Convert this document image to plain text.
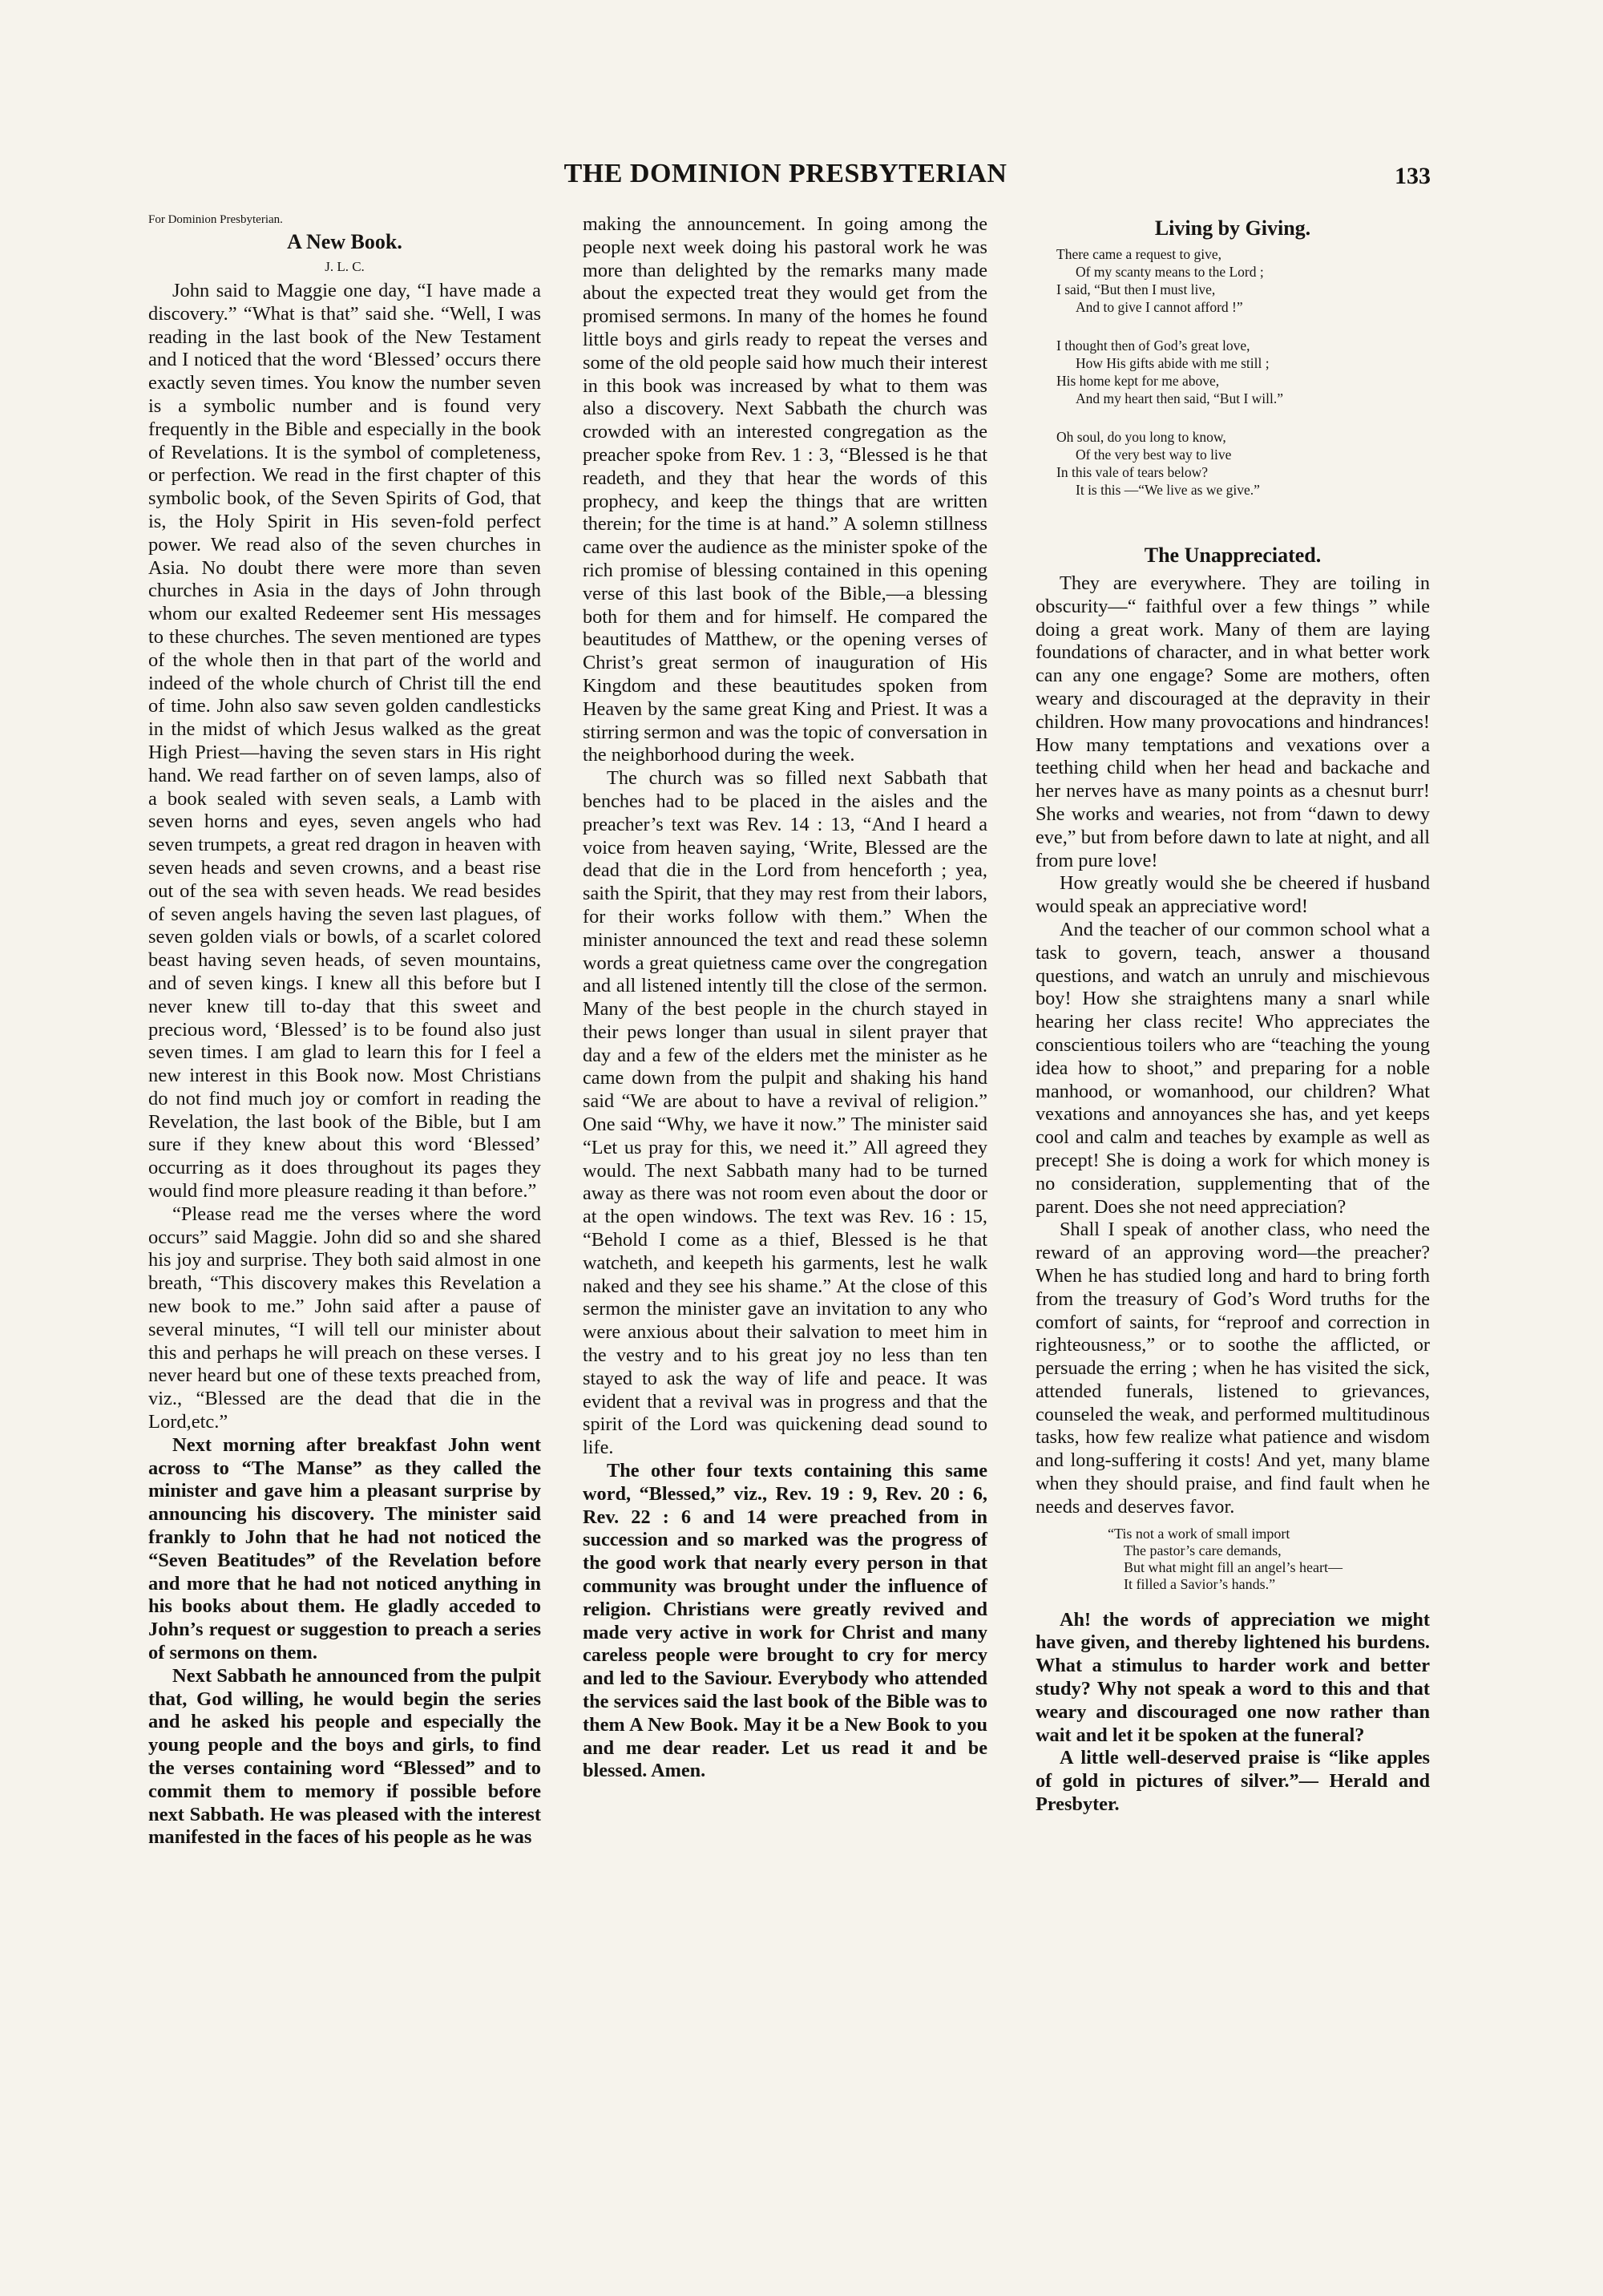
THE DOMINION PRESBYTERIAN	133
For Dominion Presbyterian.
A New Book.
J. L. C.

John said to Maggie one day, “I have made a discovery.” “What is that” said she. “Well, I was reading in the last book of the New Testament and I noticed that the word ‘Blessed’ occurs there exactly seven times. You know the number seven is a symbolic number and is found very frequently in the Bible and especially in the book of Revelations. It is the symbol of completeness, or perfection. We read in the first chapter of this symbolic book, of the Seven Spirits of God, that is, the Holy Spirit in His seven-fold perfect power. We read also of the seven churches in Asia. No doubt there were more than seven churches in Asia in the days of John through whom our exalted Redeemer sent His messages to these churches. The seven mentioned are types of the whole then in that part of the world and indeed of the whole church of Christ till the end of time. John also saw seven golden candlesticks in the midst of which Jesus walked as the great High Priest—having the seven stars in His right hand. We read farther on of seven lamps, also of a book sealed with seven seals, a Lamb with seven horns and eyes, seven angels who had seven trumpets, a great red dragon in heaven with seven heads and seven crowns, and a beast rise out of the sea with seven heads. We read besides of seven angels having the seven last plagues, of seven golden vials or bowls, of a scarlet colored beast having seven heads, of seven mountains, and of seven kings. I knew all this before but I never knew till to-day that this sweet and precious word, ‘Blessed’ is to be found also just seven times. I am glad to learn this for I feel a new interest in this Book now. Most Christians do not find much joy or comfort in reading the Revelation, the last book of the Bible, but I am sure if they knew about this word ‘Blessed’ occurring as it does throughout its pages they would find more pleasure reading it than before.”

“Please read me the verses where the word occurs” said Maggie. John did so and she shared his joy and surprise. They both said almost in one breath, “This discovery makes this Revelation a new book to me.” John said after a pause of several minutes, “I will tell our minister about this and perhaps he will preach on these verses. I never heard but one of these texts preached from, viz., “Blessed are the dead that die in the Lord,etc.”

Next morning after breakfast John went across to “The Manse” as they called the minister and gave him a pleasant surprise by announcing his discovery. The minister said frankly to John that he had not noticed the “Seven Beatitudes” of the Revelation before and more that he had not noticed anything in his books about them. He gladly acceded to John’s request or suggestion to preach a series of sermons on them.

Next Sabbath he announced from the pulpit that, God willing, he would begin the series and he asked his people and especially the young people and the boys and girls, to find the verses containing word “Blessed” and to commit them to memory if possible before next Sabbath. He was pleased with the interest manifested in the faces of his people as he was

making the announcement. In going among the people next week doing his pastoral work he was more than delighted by the remarks many made about the expected treat they would get from the promised sermons. In many of the homes he found little boys and girls ready to repeat the verses and some of the old people said how much their interest in this book was increased by what to them was also a discovery. Next Sabbath the church was crowded with an interested congregation as the preacher spoke from Rev. 1 : 3, “Blessed is he that readeth, and they that hear the words of this prophecy, and keep the things that are written therein; for the time is at hand.” A solemn stillness came over the audience as the minister spoke of the rich promise of blessing contained in this opening verse of this last book of the Bible,—a blessing both for them and for himself. He compared the beautitudes of Matthew, or the opening verses of Christ’s great sermon of inauguration of His Kingdom and these beautitudes spoken from Heaven by the same great King and Priest. It was a stirring sermon and was the topic of conversation in the neighborhood during the week.

The church was so filled next Sabbath that benches had to be placed in the aisles and the preacher’s text was Rev. 14 : 13, “And I heard a voice from heaven saying, ‘Write, Blessed are the dead that die in the Lord from henceforth ; yea, saith the Spirit, that they may rest from their labors, for their works follow with them.” When the minister announced the text and read these solemn words a great quietness came over the congregation and all listened intently till the close of the sermon. Many of the best people in the church stayed in their pews longer than usual in silent prayer that day and a few of the elders met the minister as he came down from the pulpit and shaking his hand said “We are about to have a revival of religion.” One said “Why, we have it now.” The minister said “Let us pray for this, we need it.” All agreed they would. The next Sabbath many had to be turned away as there was not room even about the door or at the open windows. The text was Rev. 16 : 15, “Behold I come as a thief, Blessed is he that watcheth, and keepeth his garments, lest he walk naked and they see his shame.” At the close of this sermon the minister gave an invitation to any who were anxious about their salvation to meet him in the vestry and to his great joy no less than ten stayed to ask the way of life and peace. It was evident that a revival was in progress and that the spirit of the Lord was quickening dead sound to life.

The other four texts containing this same word, “Blessed,” viz., Rev. 19 : 9, Rev. 20 : 6, Rev. 22 : 6 and 14 were preached from in succession and so marked was the progress of the good work that nearly every person in that community was brought under the influence of religion. Christians were greatly revived and made very active in work for Christ and many careless people were brought to cry for mercy and led to the Saviour. Everybody who attended the services said the last book of the Bible was to them A New Book. May it be a New Book to you and me dear reader. Let us read it and be blessed. Amen.

Living by Giving.
There came a request to give,
Of my scanty means to the Lord ;
I said, “But then I must live,
And to give I cannot afford !”
I thought then of God’s great love,
How His gifts abide with me still ;
His home kept for me above,
And my heart then said, “But I will.”
Oh soul, do you long to know,
Of the very best way to live
In this vale of tears below?
It is this —“We live as we give.”
The Unappreciated.

They are everywhere. They are toiling in obscurity—“ faithful over a few things ” while doing a great work. Many of them are laying foundations of character, and in what better work can any one engage? Some are mothers, often weary and discouraged at the depravity in their children. How many provocations and hindrances! How many temptations and vexations over a teething child when her head and backache and her nerves have as many points as a chesnut burr! She works and wearies, not from “dawn to dewy eve,” but from before dawn to late at night, and all from pure love!

How greatly would she be cheered if husband would speak an appreciative word!

And the teacher of our common school what a task to govern, teach, answer a thousand questions, and watch an unruly and mischievous boy! How she straightens many a snarl while hearing her class recite! Who appreciates the conscientious toilers who are “teaching the young idea how to shoot,” and preparing for a noble manhood, or womanhood, our children? What vexations and annoyances she has, and yet keeps cool and calm and teaches by example as well as precept! She is doing a work for which money is no consideration, supplementing that of the parent. Does she not need appreciation?

Shall I speak of another class, who need the reward of an approving word—the preacher? When he has studied long and hard to bring forth from the treasury of God’s Word truths for the comfort of saints, for “reproof and correction in righteousness,” or to soothe the afflicted, or persuade the erring ; when he has visited the sick, attended funerals, listened to grievances, counseled the weak, and performed multitudinous tasks, how few realize what patience and wisdom and long-suffering it costs! And yet, many blame when they should praise, and find fault when he needs and deserves favor.

“Tis not a work of small import
The pastor’s care demands,
But what might fill an angel’s heart—
It filled a Savior’s hands.”

Ah! the words of appreciation we might have given, and thereby lightened his burdens. What a stimulus to harder work and better study? Why not speak a word to this and that weary and discouraged one now rather than wait and let it be spoken at the funeral?

A little well-deserved praise is “like apples of gold in pictures of silver.”— Herald and Presbyter.
